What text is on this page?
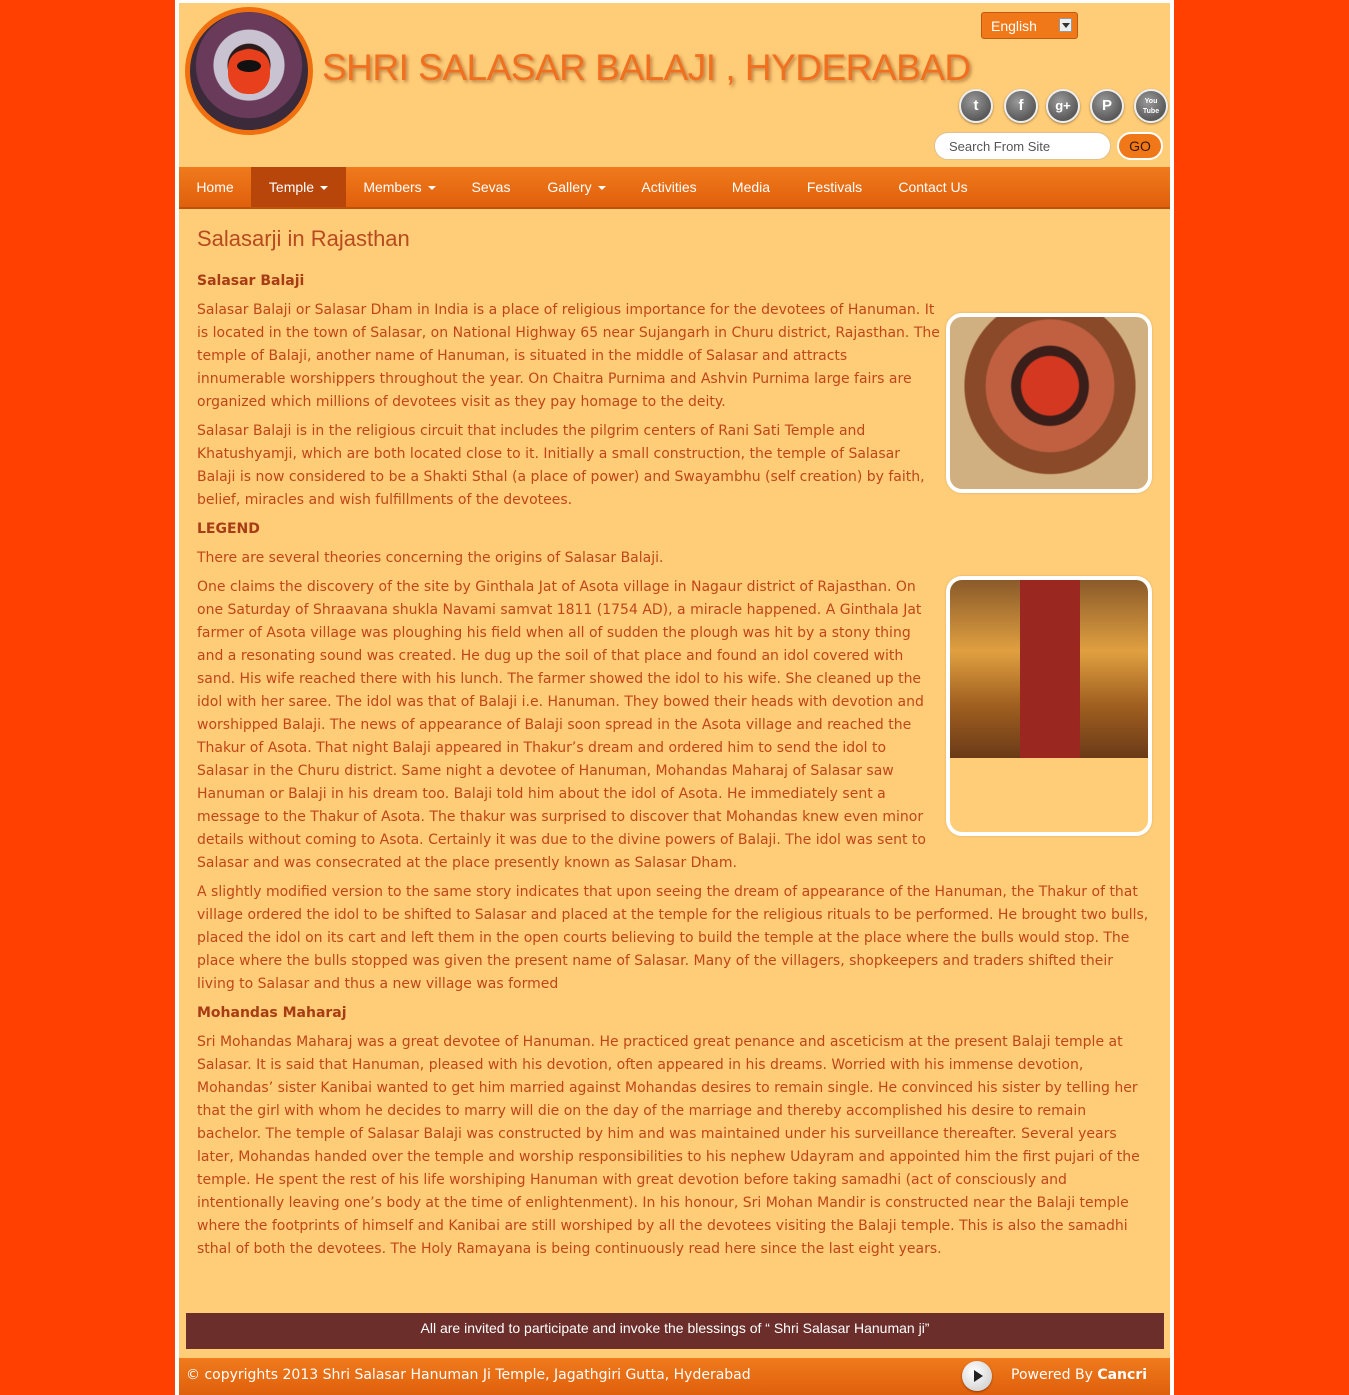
SHRI SALASAR BALAJI , HYDERABAD
English
t	f	g+	P	You Tube
Search From Site
GO
Home	Temple	Members	Sevas	Gallery	Activities	Media	Festivals	Contact Us
Salasarji in Rajasthan
Salasar Balaji

Salasar Balaji or Salasar Dham in India is a place of religious importance for the devotees of Hanuman. It is located in the town of Salasar, on National Highway 65 near Sujangarh in Churu district, Rajasthan. The temple of Balaji, another name of Hanuman, is situated in the middle of Salasar and attracts innumerable worshippers throughout the year. On Chaitra Purnima and Ashvin Purnima large fairs are organized which millions of devotees visit as they pay homage to the deity.

Salasar Balaji is in the religious circuit that includes the pilgrim centers of Rani Sati Temple and Khatushyamji, which are both located close to it. Initially a small construction, the temple of Salasar Balaji is now considered to be a Shakti Sthal (a place of power) and Swayambhu (self creation) by faith, belief, miracles and wish fulfillments of the devotees.

LEGEND

There are several theories concerning the origins of Salasar Balaji.

One claims the discovery of the site by Ginthala Jat of Asota village in Nagaur district of Rajasthan. On one Saturday of Shraavana shukla Navami samvat 1811 (1754 AD), a miracle happened. A Ginthala Jat farmer of Asota village was ploughing his field when all of sudden the plough was hit by a stony thing and a resonating sound was created. He dug up the soil of that place and found an idol covered with sand. His wife reached there with his lunch. The farmer showed the idol to his wife. She cleaned up the idol with her saree. The idol was that of Balaji i.e. Hanuman. They bowed their heads with devotion and worshipped Balaji. The news of appearance of Balaji soon spread in the Asota village and reached the Thakur of Asota. That night Balaji appeared in Thakur’s dream and ordered him to send the idol to Salasar in the Churu district. Same night a devotee of Hanuman, Mohandas Maharaj of Salasar saw Hanuman or Balaji in his dream too. Balaji told him about the idol of Asota. He immediately sent a message to the Thakur of Asota. The thakur was surprised to discover that Mohandas knew even minor details without coming to Asota. Certainly it was due to the divine powers of Balaji. The idol was sent to Salasar and was consecrated at the place presently known as Salasar Dham.

A slightly modified version to the same story indicates that upon seeing the dream of appearance of the Hanuman, the Thakur of that village ordered the idol to be shifted to Salasar and placed at the temple for the religious rituals to be performed. He brought two bulls, placed the idol on its cart and left them in the open courts believing to build the temple at the place where the bulls would stop. The place where the bulls stopped was given the present name of Salasar. Many of the villagers, shopkeepers and traders shifted their living to Salasar and thus a new village was formed

Mohandas Maharaj

Sri Mohandas Maharaj was a great devotee of Hanuman. He practiced great penance and asceticism at the present Balaji temple at Salasar. It is said that Hanuman, pleased with his devotion, often appeared in his dreams. Worried with his immense devotion, Mohandas’ sister Kanibai wanted to get him married against Mohandas desires to remain single. He convinced his sister by telling her that the girl with whom he decides to marry will die on the day of the marriage and thereby accomplished his desire to remain bachelor. The temple of Salasar Balaji was constructed by him and was maintained under his surveillance thereafter. Several years later, Mohandas handed over the temple and worship responsibilities to his nephew Udayram and appointed him the first pujari of the temple. He spent the rest of his life worshiping Hanuman with great devotion before taking samadhi (act of consciously and intentionally leaving one’s body at the time of enlightenment). In his honour, Sri Mohan Mandir is constructed near the Balaji temple where the footprints of himself and Kanibai are still worshiped by all the devotees visiting the Balaji temple. This is also the samadhi sthal of both the devotees. The Holy Ramayana is being continuously read here since the last eight years.

All are invited to participate and invoke the blessings of “ Shri Salasar Hanuman ji”
© copyrights 2013 Shri Salasar Hanuman Ji Temple, Jagathgiri Gutta, Hyderabad	Powered By Cancri
